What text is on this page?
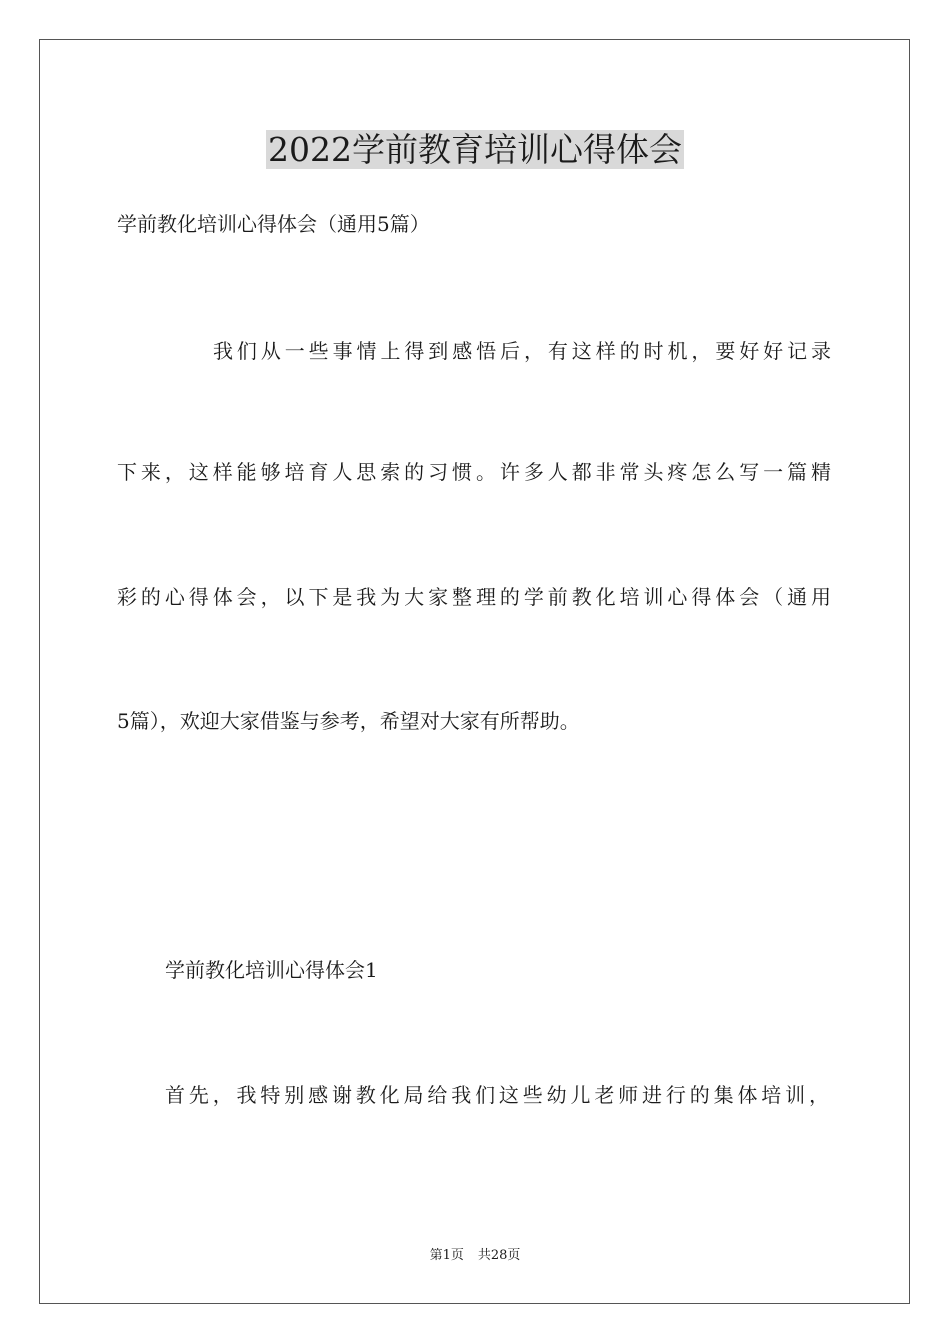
2022学前教育培训心得体会
学前教化培训心得体会（通用5篇）
我们从一些事情上得到感悟后，有这样的时机，要好好记录
下来，这样能够培育人思索的习惯。许多人都非常头疼怎么写一篇精
彩的心得体会，以下是我为大家整理的学前教化培训心得体会（通用
5篇），欢迎大家借鉴与参考，希望对大家有所帮助。
学前教化培训心得体会1
首先，我特别感谢教化局给我们这些幼儿老师进行的集体培训，
第1页 共28页
